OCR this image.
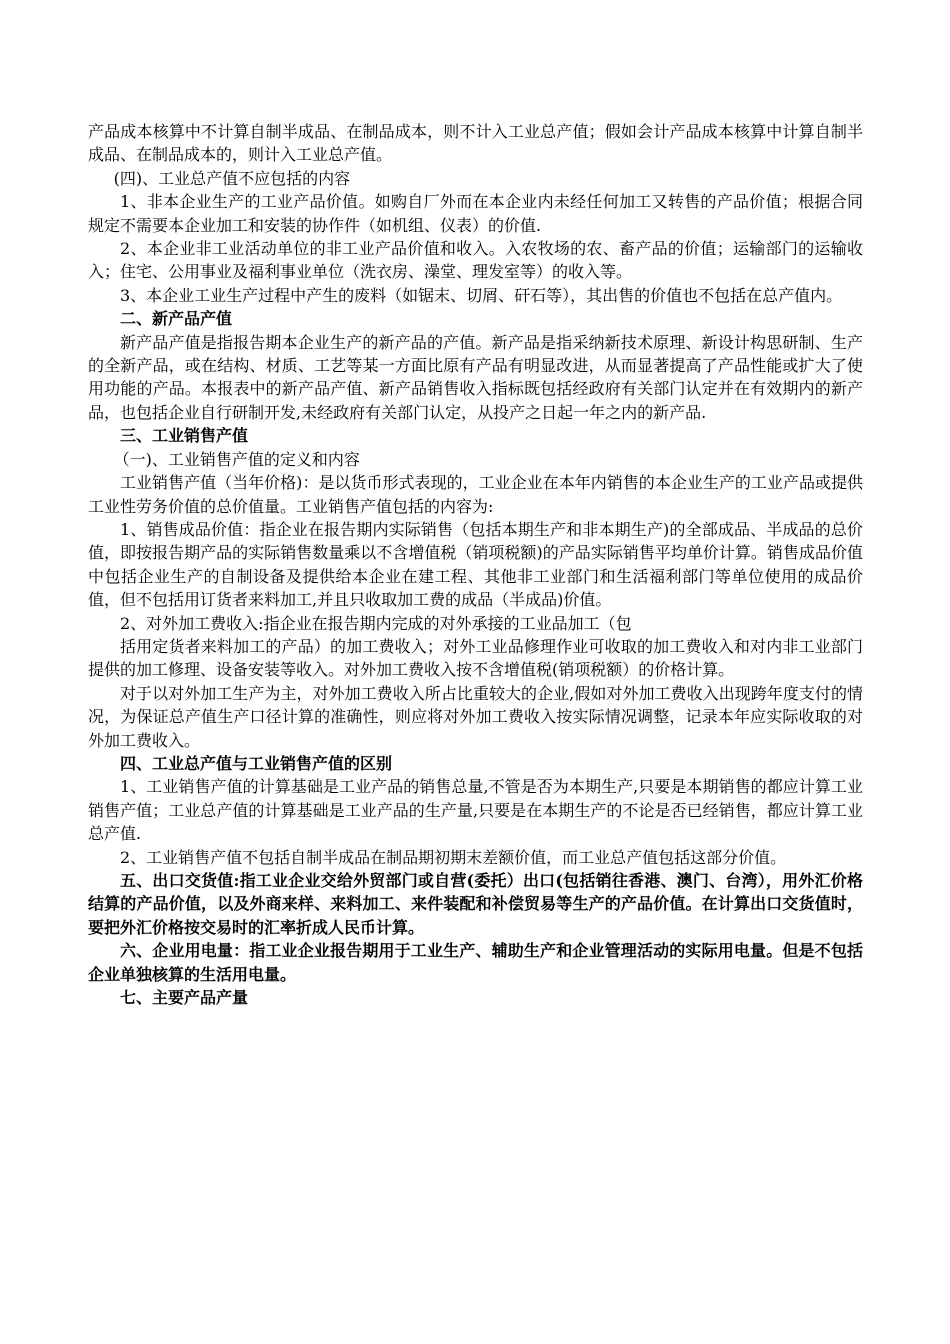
产品成本核算中不计算自制半成品、在制品成本，则不计入工业总产值；假如会计产品成本核算中计算自制半成品、在制品成本的，则计入工业总产值。

(四)、工业总产值不应包括的内容

1、非本企业生产的工业产品价值。如购自厂外而在本企业内未经任何加工又转售的产品价值；根据合同规定不需要本企业加工和安装的协作件（如机组、仪表）的价值.

2、本企业非工业活动单位的非工业产品价值和收入。入农牧场的农、畜产品的价值；运输部门的运输收入；住宅、公用事业及福利事业单位（洗衣房、澡堂、理发室等）的收入等。

3、本企业工业生产过程中产生的废料（如锯末、切屑、矸石等），其出售的价值也不包括在总产值内。

二、新产品产值

新产品产值是指报告期本企业生产的新产品的产值。新产品是指采纳新技术原理、新设计构思研制、生产的全新产品，或在结构、材质、工艺等某一方面比原有产品有明显改进，从而显著提高了产品性能或扩大了使用功能的产品。本报表中的新产品产值、新产品销售收入指标既包括经政府有关部门认定并在有效期内的新产品，也包括企业自行研制开发,未经政府有关部门认定，从投产之日起一年之内的新产品.

三、工业销售产值

（一)、工业销售产值的定义和内容

工业销售产值（当年价格)：是以货币形式表现的，工业企业在本年内销售的本企业生产的工业产品或提供工业性劳务价值的总价值量。工业销售产值包括的内容为:

1、销售成品价值：指企业在报告期内实际销售（包括本期生产和非本期生产)的全部成品、半成品的总价值，即按报告期产品的实际销售数量乘以不含增值税（销项税额)的产品实际销售平均单价计算。销售成品价值中包括企业生产的自制设备及提供给本企业在建工程、其他非工业部门和生活福利部门等单位使用的成品价值，但不包括用订货者来料加工,并且只收取加工费的成品（半成品)价值。

2、对外加工费收入:指企业在报告期内完成的对外承接的工业品加工（包

括用定货者来料加工的产品）的加工费收入；对外工业品修理作业可收取的加工费收入和对内非工业部门提供的加工修理、设备安装等收入。对外加工费收入按不含增值税(销项税额）的价格计算。

对于以对外加工生产为主，对外加工费收入所占比重较大的企业,假如对外加工费收入出现跨年度支付的情况，为保证总产值生产口径计算的准确性，则应将对外加工费收入按实际情况调整，记录本年应实际收取的对外加工费收入。

四、工业总产值与工业销售产值的区别

1、工业销售产值的计算基础是工业产品的销售总量,不管是否为本期生产,只要是本期销售的都应计算工业销售产值；工业总产值的计算基础是工业产品的生产量,只要是在本期生产的不论是否已经销售，都应计算工业总产值.

2、工业销售产值不包括自制半成品在制品期初期末差额价值，而工业总产值包括这部分价值。

五、出口交货值:指工业企业交给外贸部门或自营(委托）出口(包括销往香港、澳门、台湾），用外汇价格结算的产品价值，以及外商来样、来料加工、来件装配和补偿贸易等生产的产品价值。在计算出口交货值时，要把外汇价格按交易时的汇率折成人民币计算。

六、企业用电量：指工业企业报告期用于工业生产、辅助生产和企业管理活动的实际用电量。但是不包括企业单独核算的生活用电量。

七、主要产品产量
